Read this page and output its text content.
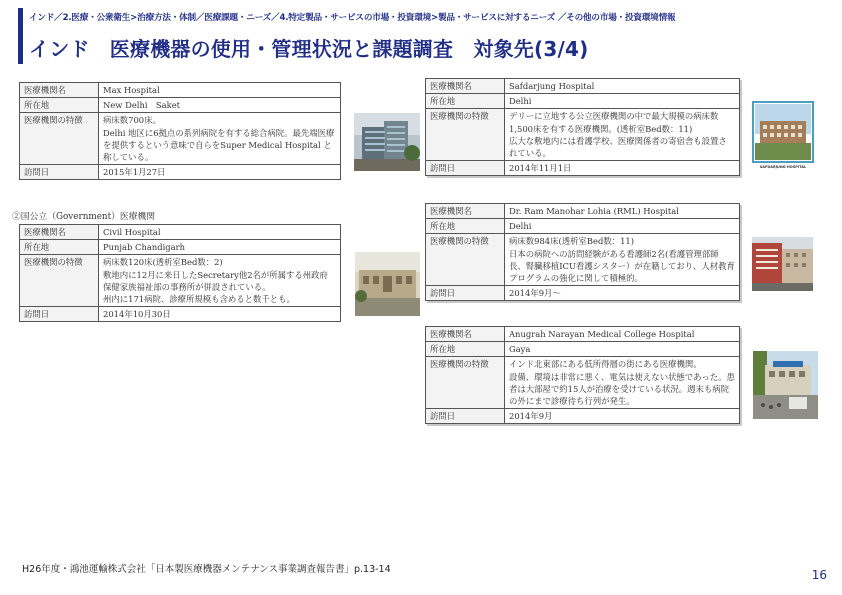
インド／2.医療・公衆衛生>治療方法・体制／医療課題・ニーズ／4.特定製品・サービスの市場・投資環境>製品・サービスに対するニーズ ／その他の市場・投資環境情報
インド　医療機器の使用・管理状況と課題調査　対象先(3/4)
医療機関名	Max Hospital
所在地	New Delhi　Saket
医療機関の特徴	病床数700床。
Delhi 地区に6拠点の系列病院を有する総合病院。最先端医療を提供するという意味で自らをSuper Medical Hospital と称している。
訪問日	2015年1月27日
②国公立（Government）医療機関
医療機関名	Civil Hospital
所在地	Punjab Chandigarh
医療機関の特徴	病床数120床(透析室Bed数：2)
敷地内に12月に来日したSecretary他2名が所属する州政府保健家族福祉部の事務所が併設されている。
州内に171病院、診療所規模も含めると数千とも。
訪問日	2014年10月30日
医療機関名	Safdarjung Hospital
所在地	Delhi
医療機関の特徴	デリーに立地する公立医療機関の中で最大規模の病床数1,500床を有する医療機関。(透析室Bed数：11)
広大な敷地内には看護学校、医療関係者の寄宿舎も設置されている。
訪問日	2014年11月1日
医療機関名	Dr. Ram Manohar Lohia (RML) Hospital
所在地	Delhi
医療機関の特徴	病床数984床(透析室Bed数：11)
日本の病院への訪問経験がある看護師2名(看護管理部師長、腎臓移植ICU看護シスター）が在籍しており、人材教育プログラムの強化に関して積極的。
訪問日	2014年9月～
医療機関名	Anugrah Narayan Medical College Hospital
所在地	Gaya
医療機関の特徴	インド北東部にある低所得層の街にある医療機関。
設備、環境は非常に悪く、電気は使えない状態であった。患者は大部屋で約15人が治療を受けている状況。週末も病院の外にまで診療待ち行列が発生。
訪問日	2014年9月
SAFDARJUNG HOSPITAL
H26年度・鴻池運輸株式会社「日本製医療機器メンテナンス事業調査報告書」p.13-14	16
